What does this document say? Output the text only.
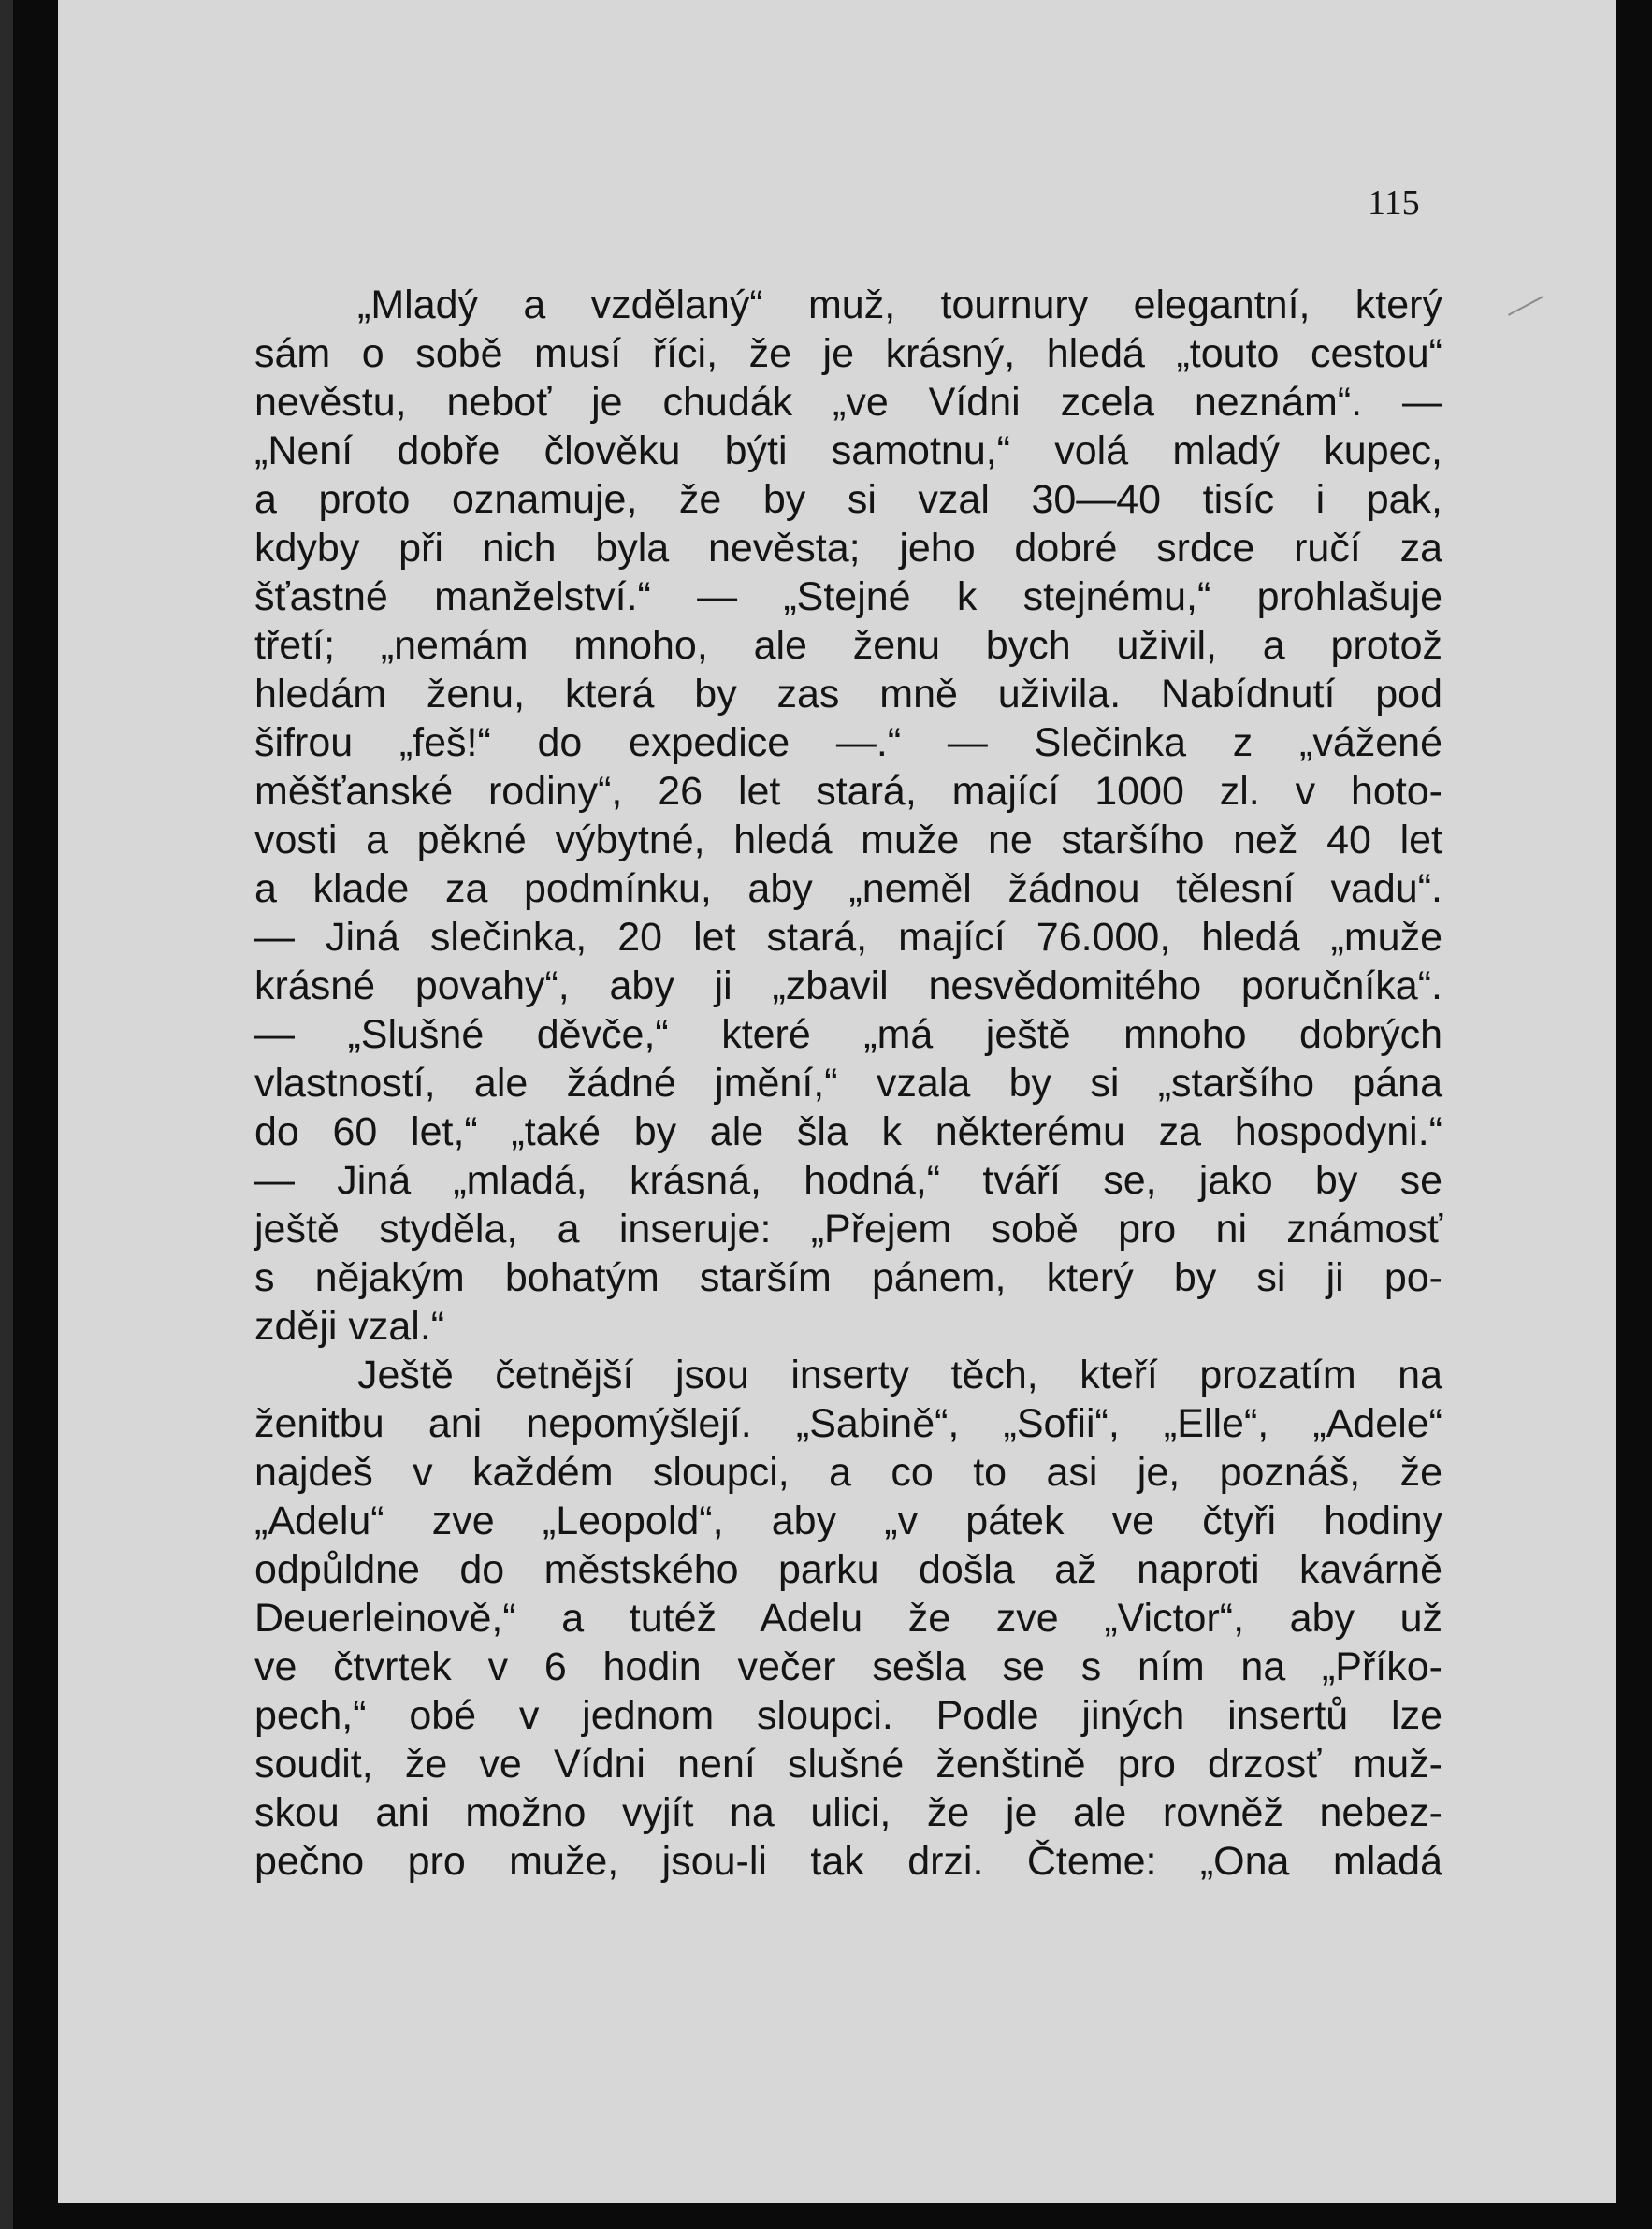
115
„Mladý a vzdělaný“ muž, tournury elegantní, který
sám o sobě musí říci, že je krásný, hledá „touto cestou“
nevěstu, neboť je chudák „ve Vídni zcela neznám“. —
„Není dobře člověku býti samotnu,“ volá mladý kupec,
a proto oznamuje, že by si vzal 30—40 tisíc i pak,
kdyby při nich byla nevěsta; jeho dobré srdce ručí za
šťastné manželství.“ — „Stejné k stejnému,“ prohlašuje
třetí; „nemám mnoho, ale ženu bych uživil, a protož
hledám ženu, která by zas mně uživila. Nabídnutí pod
šifrou „feš!“ do expedice —.“ — Slečinka z „vážené
měšťanské rodiny“, 26 let stará, mající 1000 zl. v hoto-
vosti a pěkné výbytné, hledá muže ne staršího než 40 let
a klade za podmínku, aby „neměl žádnou tělesní vadu“.
— Jiná slečinka, 20 let stará, mající 76.000, hledá „muže
krásné povahy“, aby ji „zbavil nesvědomitého poručníka“.
— „Slušné děvče,“ které „má ještě mnoho dobrých
vlastností, ale žádné jmění,“ vzala by si „staršího pána
do 60 let,“ „také by ale šla k některému za hospodyni.“
— Jiná „mladá, krásná, hodná,“ tváří se, jako by se
ještě styděla, a inseruje: „Přejem sobě pro ni známosť
s nějakým bohatým starším pánem, který by si ji po-
zději vzal.“
Ještě četnější jsou inserty těch, kteří prozatím na
ženitbu ani nepomýšlejí. „Sabině“, „Sofii“, „Elle“, „Adele“
najdeš v každém sloupci, a co to asi je, poznáš, že
„Adelu“ zve „Leopold“, aby „v pátek ve čtyři hodiny
odpůldne do městského parku došla až naproti kavárně
Deuerleinově,“ a tutéž Adelu že zve „Victor“, aby už
ve čtvrtek v 6 hodin večer sešla se s ním na „Příko-
pech,“ obé v jednom sloupci. Podle jiných insertů lze
soudit, že ve Vídni není slušné ženštině pro drzosť muž-
skou ani možno vyjít na ulici, že je ale rovněž nebez-
pečno pro muže, jsou-li tak drzi. Čteme: „Ona mladá
